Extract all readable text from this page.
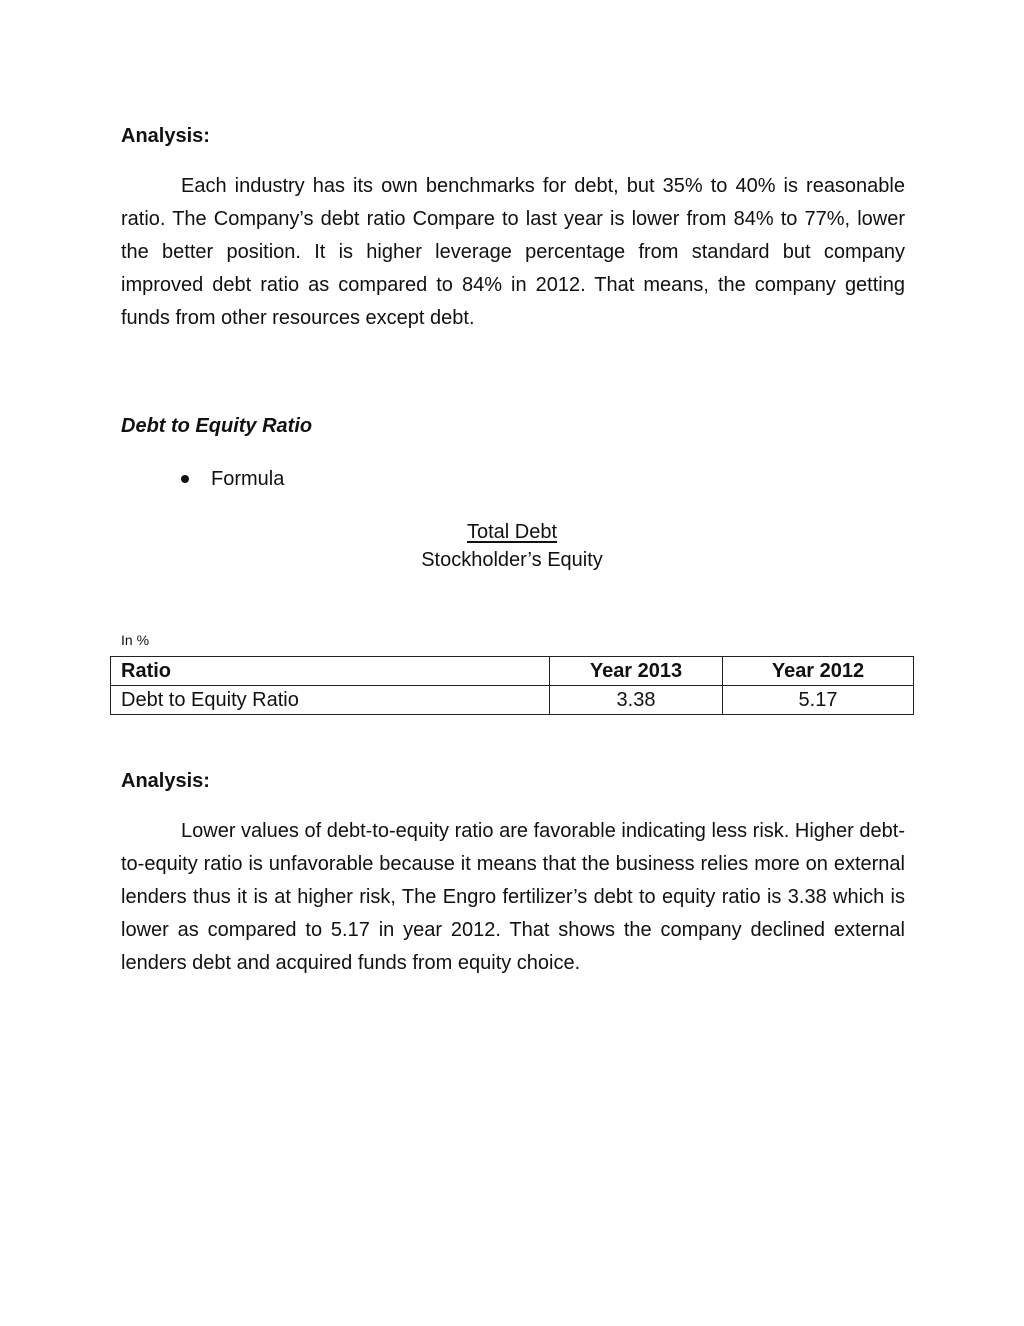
Analysis:

Each industry has its own benchmarks for debt, but 35% to 40% is reasonable ratio. The Company’s debt ratio Compare to last year is lower from 84% to 77%, lower the better position. It is higher leverage percentage from standard but company improved debt ratio as compared to 84% in 2012. That means, the company getting funds from other resources except debt.

Debt to Equity Ratio
Formula
Total Debt
Stockholder’s Equity
In %
Ratio	Year 2013	Year 2012
Debt to Equity Ratio	3.38	5.17
Analysis:

Lower values of debt-to-equity ratio are favorable indicating less risk. Higher debt-to-equity ratio is unfavorable because it means that the business relies more on external lenders thus it is at higher risk, The Engro fertilizer’s debt to equity ratio is 3.38 which is lower as compared to 5.17 in year 2012. That shows the company declined external lenders debt and acquired funds from equity choice.
